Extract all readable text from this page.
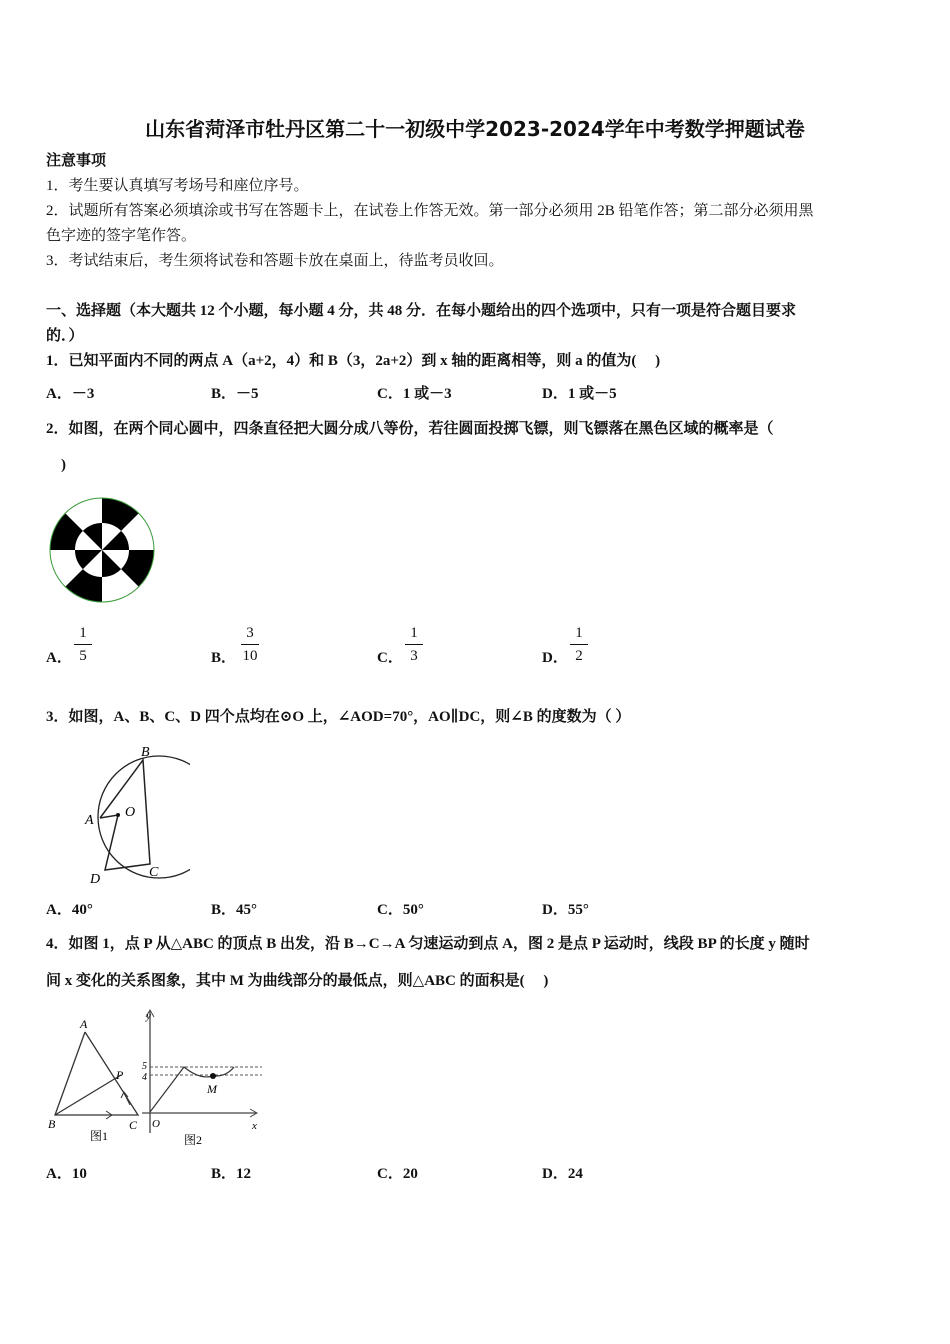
山东省菏泽市牡丹区第二十一初级中学2023-2024学年中考数学押题试卷
注意事项
1．考生要认真填写考场号和座位序号。
2．试题所有答案必须填涂或书写在答题卡上，在试卷上作答无效。第一部分必须用 2B 铅笔作答；第二部分必须用黑
色字迹的签字笔作答。
3．考试结束后，考生须将试卷和答题卡放在桌面上，待监考员收回。
一、选择题（本大题共 12 个小题，每小题 4 分，共 48 分．在每小题给出的四个选项中，只有一项是符合题目要求
的．）
1．已知平面内不同的两点 A（a+2，4）和 B（3，2a+2）到 x 轴的距离相等，则 a 的值为(　 )
A．－3	B．－5	C．1 或－3	D．1 或－5
2．如图，在两个同心圆中，四条直径把大圆分成八等份，若往圆面投掷飞镖，则飞镖落在黑色区域的概率是（
　)
A．
1
5	B．
3
10	C．
1
3	D．
1
2
3．如图，A、B、C、D 四个点均在⊙O 上，∠AOD=70°，AO∥DC，则∠B 的度数为（ ）
A
B
C
D
O
A．40°	B．45°	C．50°	D．55°
4．如图 1，点 P 从△ABC 的顶点 B 出发，沿 B→C→A 匀速运动到点 A，图 2 是点 P 运动时，线段 BP 的长度 y 随时
间 x 变化的关系图象，其中 M 为曲线部分的最低点，则△ABC 的面积是(　 )
A
B	C
P
图1
y
x
O
5
4
M
图2
A．10	B．12	C．20	D．24
